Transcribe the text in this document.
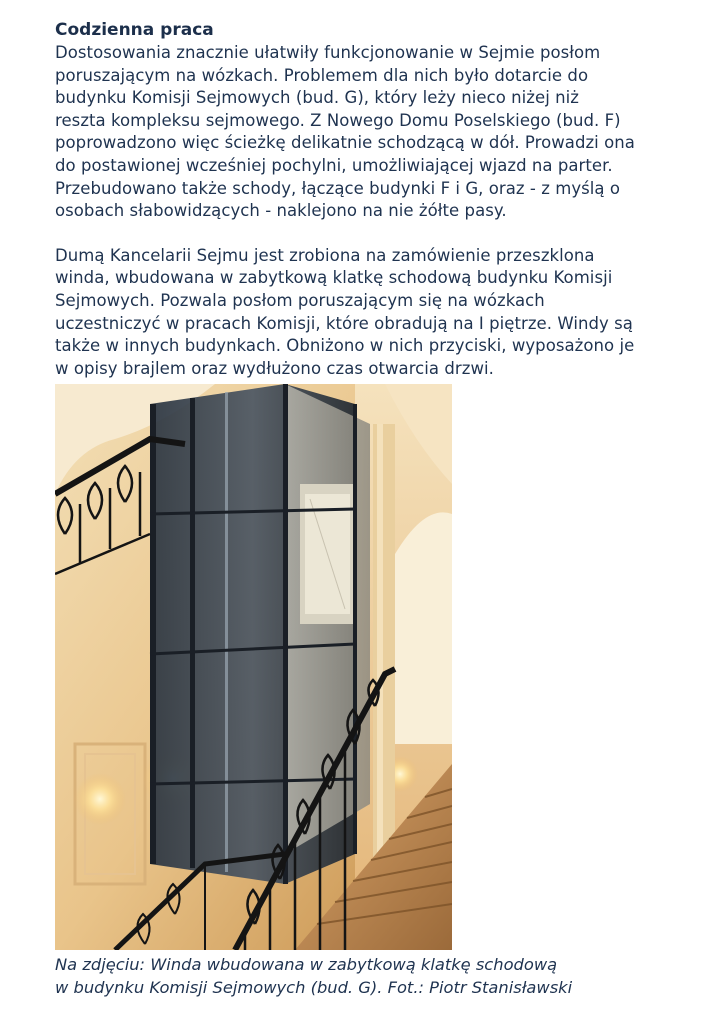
Codzienna praca

Dostosowania znacznie ułatwiły funkcjonowanie w Sejmie posłom
poruszającym na wózkach. Problemem dla nich było dotarcie do
budynku Komisji Sejmowych (bud. G), który leży nieco niżej niż
reszta kompleksu sejmowego. Z Nowego Domu Poselskiego (bud. F)
poprowadzono więc ścieżkę delikatnie schodzącą w dół. Prowadzi ona
do postawionej wcześniej pochylni, umożliwiającej wjazd na parter.
Przebudowano także schody, łączące budynki F i G, oraz - z myślą o
osobach słabowidzących - naklejono na nie żółte pasy.

Dumą Kancelarii Sejmu jest zrobiona na zamówienie przeszklona
winda, wbudowana w zabytkową klatkę schodową budynku Komisji
Sejmowych. Pozwala posłom poruszającym się na wózkach
uczestniczyć w pracach Komisji, które obradują na I piętrze. Windy są
także w innych budynkach. Obniżono w nich przyciski, wyposażono je
w opisy brajlem oraz wydłużono czas otwarcia drzwi.

Na zdjęciu: Winda wbudowana w zabytkową klatkę schodową
w budynku Komisji Sejmowych (bud. G). Fot.: Piotr Stanisławski
